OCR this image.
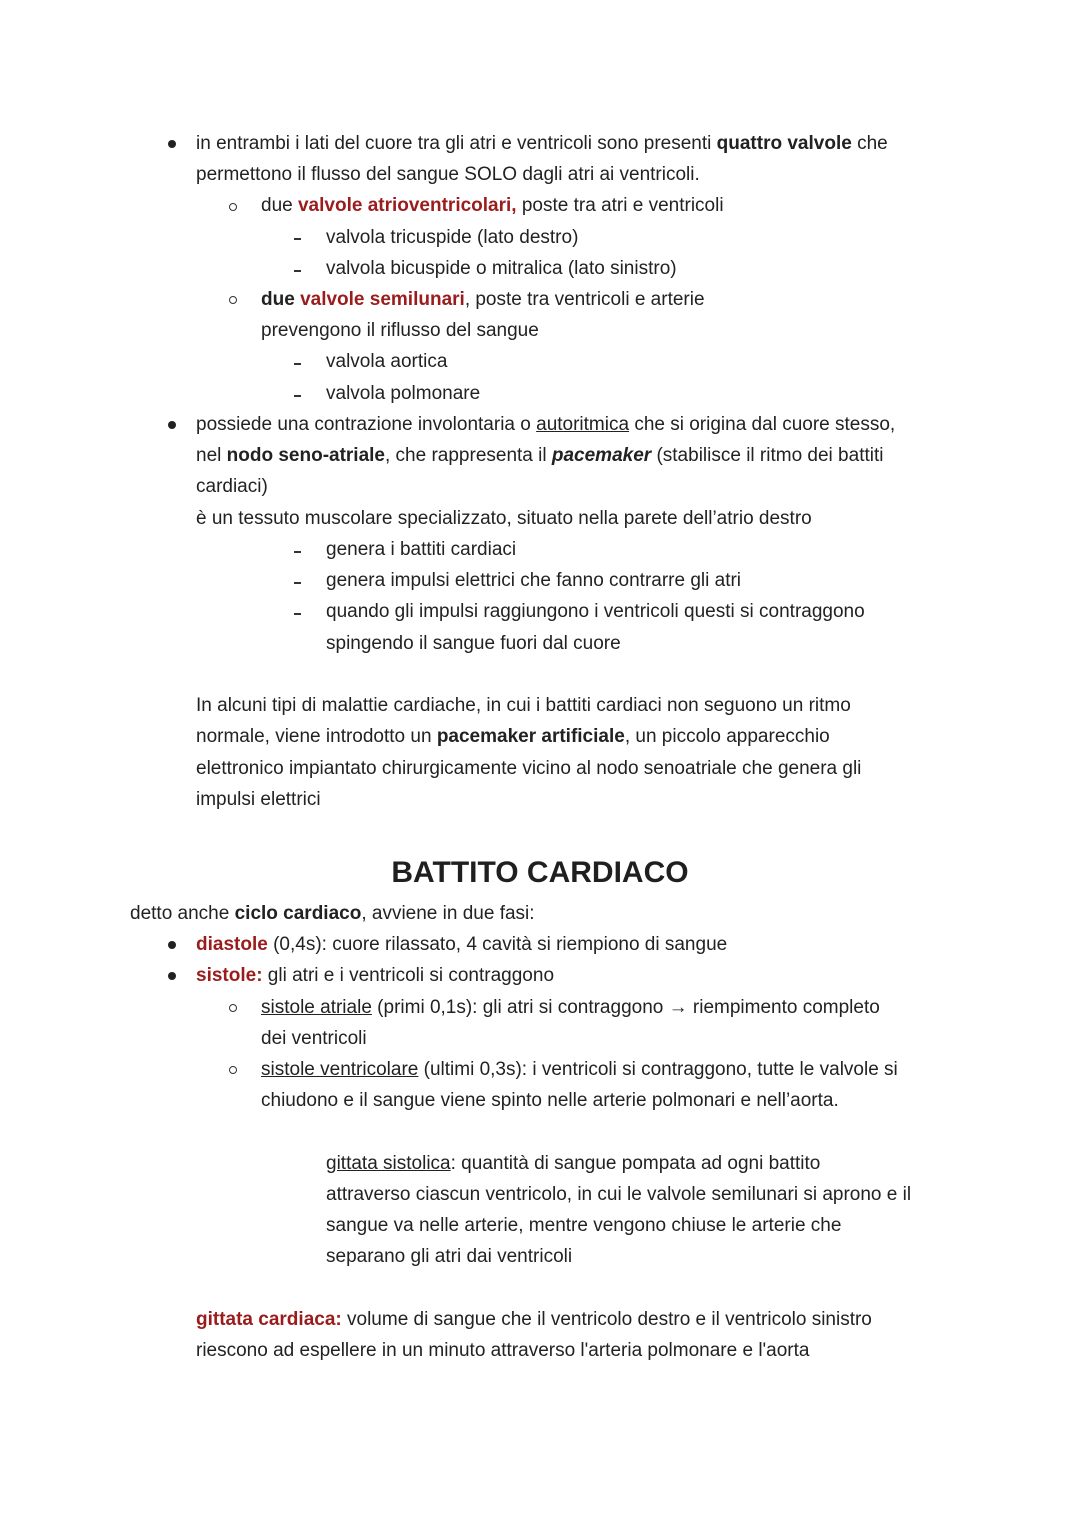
in entrambi i lati del cuore tra gli atri e ventricoli sono presenti quattro valvole che
permettono il flusso del sangue SOLO dagli atri ai ventricoli.
due valvole atrioventricolari, poste tra atri e ventricoli
valvola tricuspide (lato destro)
valvola bicuspide o mitralica (lato sinistro)
due valvole semilunari, poste tra ventricoli e arterie
prevengono il riflusso del sangue
valvola aortica
valvola polmonare
possiede una contrazione involontaria o autoritmica che si origina dal cuore stesso,
nel nodo seno-atriale, che rappresenta il pacemaker (stabilisce il ritmo dei battiti
cardiaci)
è un tessuto muscolare specializzato, situato nella parete dell’atrio destro
genera i battiti cardiaci
genera impulsi elettrici che fanno contrarre gli atri
quando gli impulsi raggiungono i ventricoli questi si contraggono
spingendo il sangue fuori dal cuore
In alcuni tipi di malattie cardiache, in cui i battiti cardiaci non seguono un ritmo
normale, viene introdotto un pacemaker artificiale, un piccolo apparecchio
elettronico impiantato chirurgicamente vicino al nodo senoatriale che genera gli
impulsi elettrici
BATTITO CARDIACO
detto anche ciclo cardiaco, avviene in due fasi:
diastole (0,4s): cuore rilassato, 4 cavità si riempiono di sangue
sistole: gli atri e i ventricoli si contraggono
sistole atriale (primi 0,1s): gli atri si contraggono → riempimento completo
dei ventricoli
sistole ventricolare (ultimi 0,3s): i ventricoli si contraggono, tutte le valvole si
chiudono e il sangue viene spinto nelle arterie polmonari e nell’aorta.
gittata sistolica: quantità di sangue pompata ad ogni battito
attraverso ciascun ventricolo, in cui le valvole semilunari si aprono e il
sangue va nelle arterie, mentre vengono chiuse le arterie che
separano gli atri dai ventricoli
gittata cardiaca: volume di sangue che il ventricolo destro e il ventricolo sinistro
riescono ad espellere in un minuto attraverso l'arteria polmonare e l'aorta
